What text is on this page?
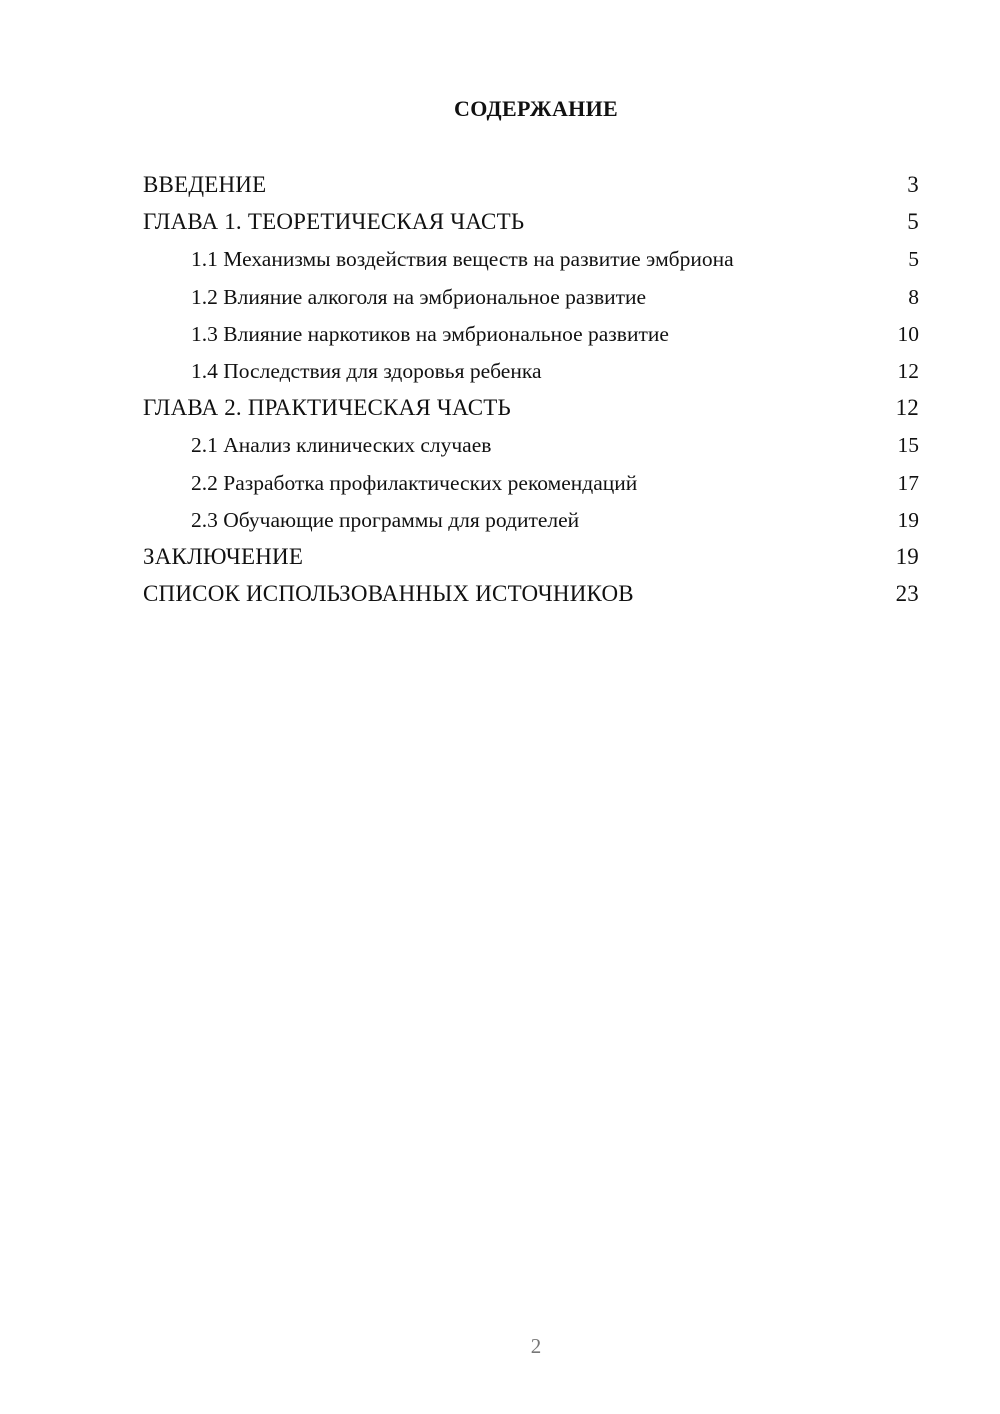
СОДЕРЖАНИЕ
ВВЕДЕНИЕ	3
ГЛАВА 1. ТЕОРЕТИЧЕСКАЯ ЧАСТЬ	5
1.1 Механизмы воздействия веществ на развитие эмбриона	5
1.2 Влияние алкоголя на эмбриональное развитие	8
1.3 Влияние наркотиков на эмбриональное развитие	10
1.4 Последствия для здоровья ребенка	12
ГЛАВА 2. ПРАКТИЧЕСКАЯ ЧАСТЬ	12
2.1 Анализ клинических случаев	15
2.2 Разработка профилактических рекомендаций	17
2.3 Обучающие программы для родителей	19
ЗАКЛЮЧЕНИЕ	19
СПИСОК ИСПОЛЬЗОВАННЫХ ИСТОЧНИКОВ	23
2
